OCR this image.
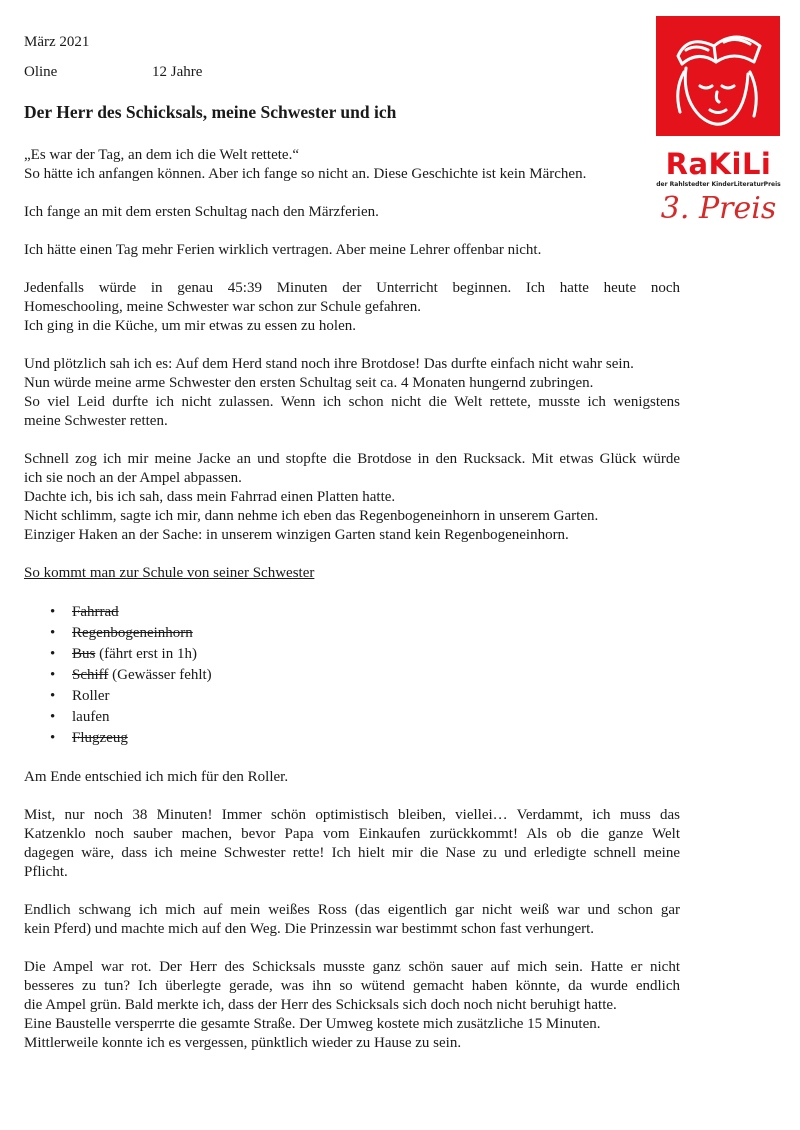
März 2021
Oline	12 Jahre
Der Herr des Schicksals, meine Schwester und ich

„Es war der Tag, an dem ich die Welt rettete.“
So hätte ich anfangen können. Aber ich fange so nicht an. Diese Geschichte ist kein Märchen.

Ich fange an mit dem ersten Schultag nach den Märzferien.

Ich hätte einen Tag mehr Ferien wirklich vertragen. Aber meine Lehrer offenbar nicht.

Jedenfalls würde in genau 45:39 Minuten der Unterricht beginnen. Ich hatte heute noch
Homeschooling, meine Schwester war schon zur Schule gefahren.
Ich ging in die Küche, um mir etwas zu essen zu holen.

Und plötzlich sah ich es: Auf dem Herd stand noch ihre Brotdose! Das durfte einfach nicht wahr sein.
Nun würde meine arme Schwester den ersten Schultag seit ca. 4 Monaten hungernd zubringen.
So viel Leid durfte ich nicht zulassen. Wenn ich schon nicht die Welt rettete, musste ich wenigstens
meine Schwester retten.

Schnell zog ich mir meine Jacke an und stopfte die Brotdose in den Rucksack. Mit etwas Glück würde
ich sie noch an der Ampel abpassen.
Dachte ich, bis ich sah, dass mein Fahrrad einen Platten hatte.
Nicht schlimm, sagte ich mir, dann nehme ich eben das Regenbogeneinhorn in unserem Garten.
Einziger Haken an der Sache: in unserem winzigen Garten stand kein Regenbogeneinhorn.

So kommt man zur Schule von seiner Schwester

• Fahrrad
• Regenbogeneinhorn
• Bus (fährt erst in 1h)
• Schiff (Gewässer fehlt)
• Roller
• laufen
• Flugzeug

Am Ende entschied ich mich für den Roller.

Mist, nur noch 38 Minuten! Immer schön optimistisch bleiben, viellei… Verdammt, ich muss das
Katzenklo noch sauber machen, bevor Papa vom Einkaufen zurückkommt! Als ob die ganze Welt
dagegen wäre, dass ich meine Schwester rette! Ich hielt mir die Nase zu und erledigte schnell meine
Pflicht.

Endlich schwang ich mich auf mein weißes Ross (das eigentlich gar nicht weiß war und schon gar
kein Pferd) und machte mich auf den Weg. Die Prinzessin war bestimmt schon fast verhungert.

Die Ampel war rot. Der Herr des Schicksals musste ganz schön sauer auf mich sein. Hatte er nicht
besseres zu tun? Ich überlegte gerade, was ihn so wütend gemacht haben könnte, da wurde endlich
die Ampel grün. Bald merkte ich, dass der Herr des Schicksals sich doch noch nicht beruhigt hatte.
Eine Baustelle versperrte die gesamte Straße. Der Umweg kostete mich zusätzliche 15 Minuten.
Mittlerweile konnte ich es vergessen, pünktlich wieder zu Hause zu sein.

RaKiLi
der Rahlstedter KinderLiteraturPreis
3. Preis
